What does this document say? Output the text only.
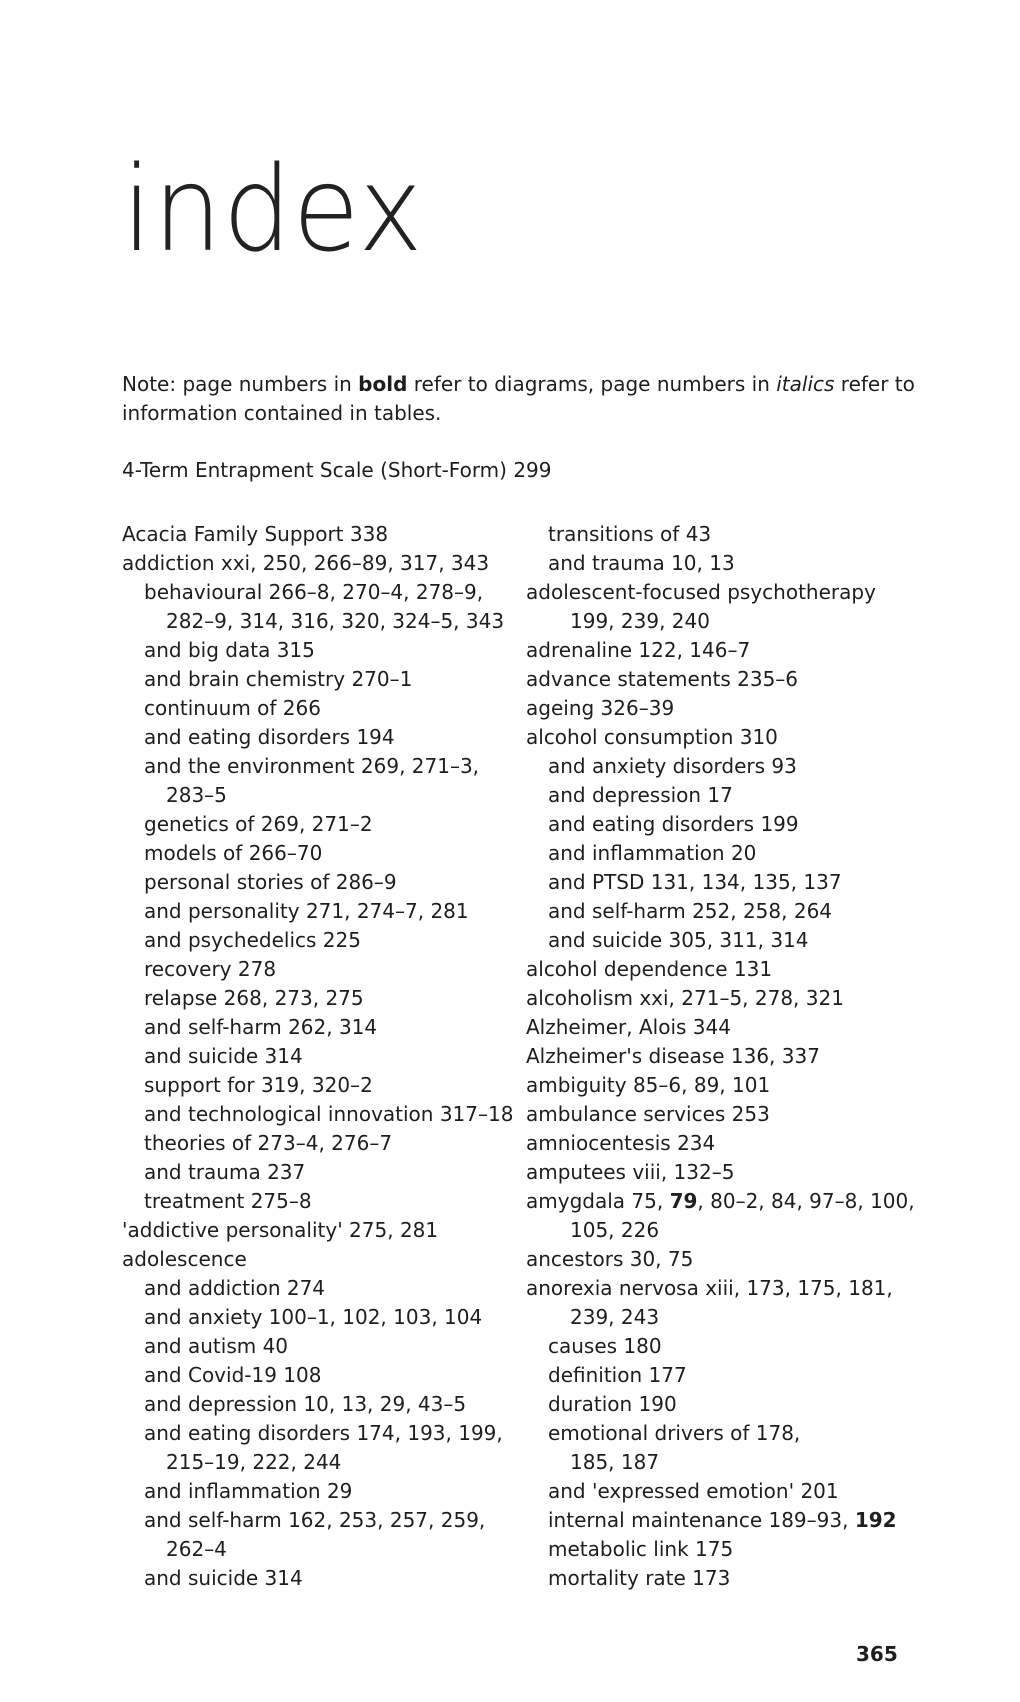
index
Note: page numbers in bold refer to diagrams, page numbers in italics refer to information contained in tables.
4-Term Entrapment Scale (Short-Form) 299
Acacia Family Support 338
addiction xxi, 250, 266–89, 317, 343
behavioural 266–8, 270–4, 278–9,
282–9, 314, 316, 320, 324–5, 343
and big data 315
and brain chemistry 270–1
continuum of 266
and eating disorders 194
and the environment 269, 271–3,
283–5
genetics of 269, 271–2
models of 266–70
personal stories of 286–9
and personality 271, 274–7, 281
and psychedelics 225
recovery 278
relapse 268, 273, 275
and self-harm 262, 314
and suicide 314
support for 319, 320–2
and technological innovation 317–18
theories of 273–4, 276–7
and trauma 237
treatment 275–8
'addictive personality' 275, 281
adolescence
and addiction 274
and anxiety 100–1, 102, 103, 104
and autism 40
and Covid-19 108
and depression 10, 13, 29, 43–5
and eating disorders 174, 193, 199,
215–19, 222, 244
and inflammation 29
and self-harm 162, 253, 257, 259,
262–4
and suicide 314
transitions of 43
and trauma 10, 13
adolescent-focused psychotherapy
199, 239, 240
adrenaline 122, 146–7
advance statements 235–6
ageing 326–39
alcohol consumption 310
and anxiety disorders 93
and depression 17
and eating disorders 199
and inflammation 20
and PTSD 131, 134, 135, 137
and self-harm 252, 258, 264
and suicide 305, 311, 314
alcohol dependence 131
alcoholism xxi, 271–5, 278, 321
Alzheimer, Alois 344
Alzheimer's disease 136, 337
ambiguity 85–6, 89, 101
ambulance services 253
amniocentesis 234
amputees viii, 132–5
amygdala 75, 79, 80–2, 84, 97–8, 100,
105, 226
ancestors 30, 75
anorexia nervosa xiii, 173, 175, 181,
239, 243
causes 180
definition 177
duration 190
emotional drivers of 178,
185, 187
and 'expressed emotion' 201
internal maintenance 189–93, 192
metabolic link 175
mortality rate 173
365
